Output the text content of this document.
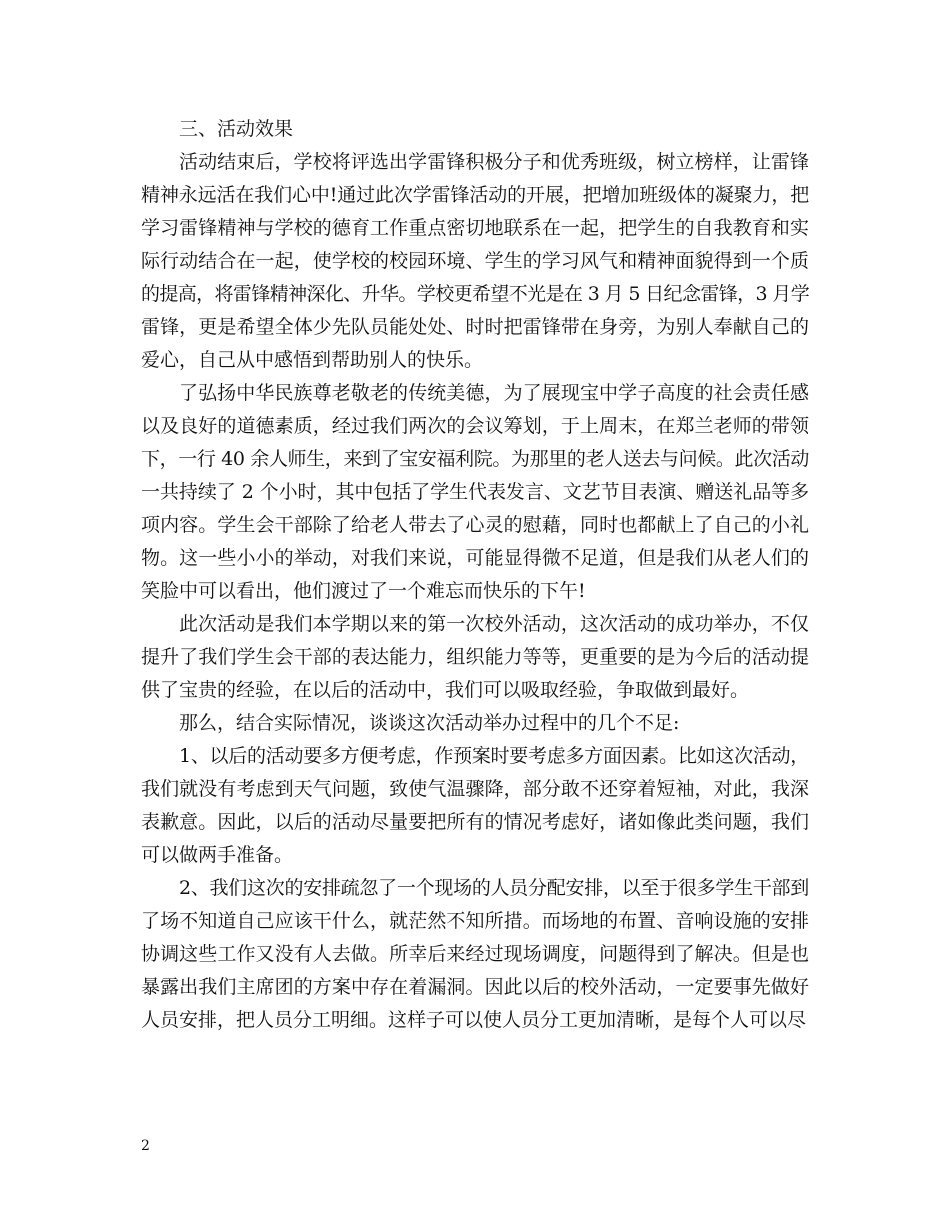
三、活动效果
活动结束后，学校将评选出学雷锋积极分子和优秀班级，树立榜样，让雷锋
精神永远活在我们心中!通过此次学雷锋活动的开展，把增加班级体的凝聚力，把
学习雷锋精神与学校的德育工作重点密切地联系在一起，把学生的自我教育和实
际行动结合在一起，使学校的校园环境、学生的学习风气和精神面貌得到一个质
的提高，将雷锋精神深化、升华。学校更希望不光是在 3 月 5 日纪念雷锋，3 月学
雷锋，更是希望全体少先队员能处处、时时把雷锋带在身旁，为别人奉献自己的
爱心，自己从中感悟到帮助别人的快乐。
了弘扬中华民族尊老敬老的传统美德，为了展现宝中学子高度的社会责任感
以及良好的道德素质，经过我们两次的会议筹划，于上周末，在郑兰老师的带领
下，一行 40 余人师生，来到了宝安福利院。为那里的老人送去与问候。此次活动
一共持续了 2 个小时，其中包括了学生代表发言、文艺节目表演、赠送礼品等多
项内容。学生会干部除了给老人带去了心灵的慰藉，同时也都献上了自己的小礼
物。这一些小小的举动，对我们来说，可能显得微不足道，但是我们从老人们的
笑脸中可以看出，他们渡过了一个难忘而快乐的下午!
此次活动是我们本学期以来的第一次校外活动，这次活动的成功举办，不仅
提升了我们学生会干部的表达能力，组织能力等等，更重要的是为今后的活动提
供了宝贵的经验，在以后的活动中，我们可以吸取经验，争取做到最好。
那么，结合实际情况，谈谈这次活动举办过程中的几个不足:
1、以后的活动要多方便考虑，作预案时要考虑多方面因素。比如这次活动，
我们就没有考虑到天气问题，致使气温骤降，部分敢不还穿着短袖，对此，我深
表歉意。因此，以后的活动尽量要把所有的情况考虑好，诸如像此类问题，我们
可以做两手准备。
2、我们这次的安排疏忽了一个现场的人员分配安排，以至于很多学生干部到
了场不知道自己应该干什么，就茫然不知所措。而场地的布置、音响设施的安排
协调这些工作又没有人去做。所幸后来经过现场调度，问题得到了解决。但是也
暴露出我们主席团的方案中存在着漏洞。因此以后的校外活动，一定要事先做好
人员安排，把人员分工明细。这样子可以使人员分工更加清晰，是每个人可以尽
2
